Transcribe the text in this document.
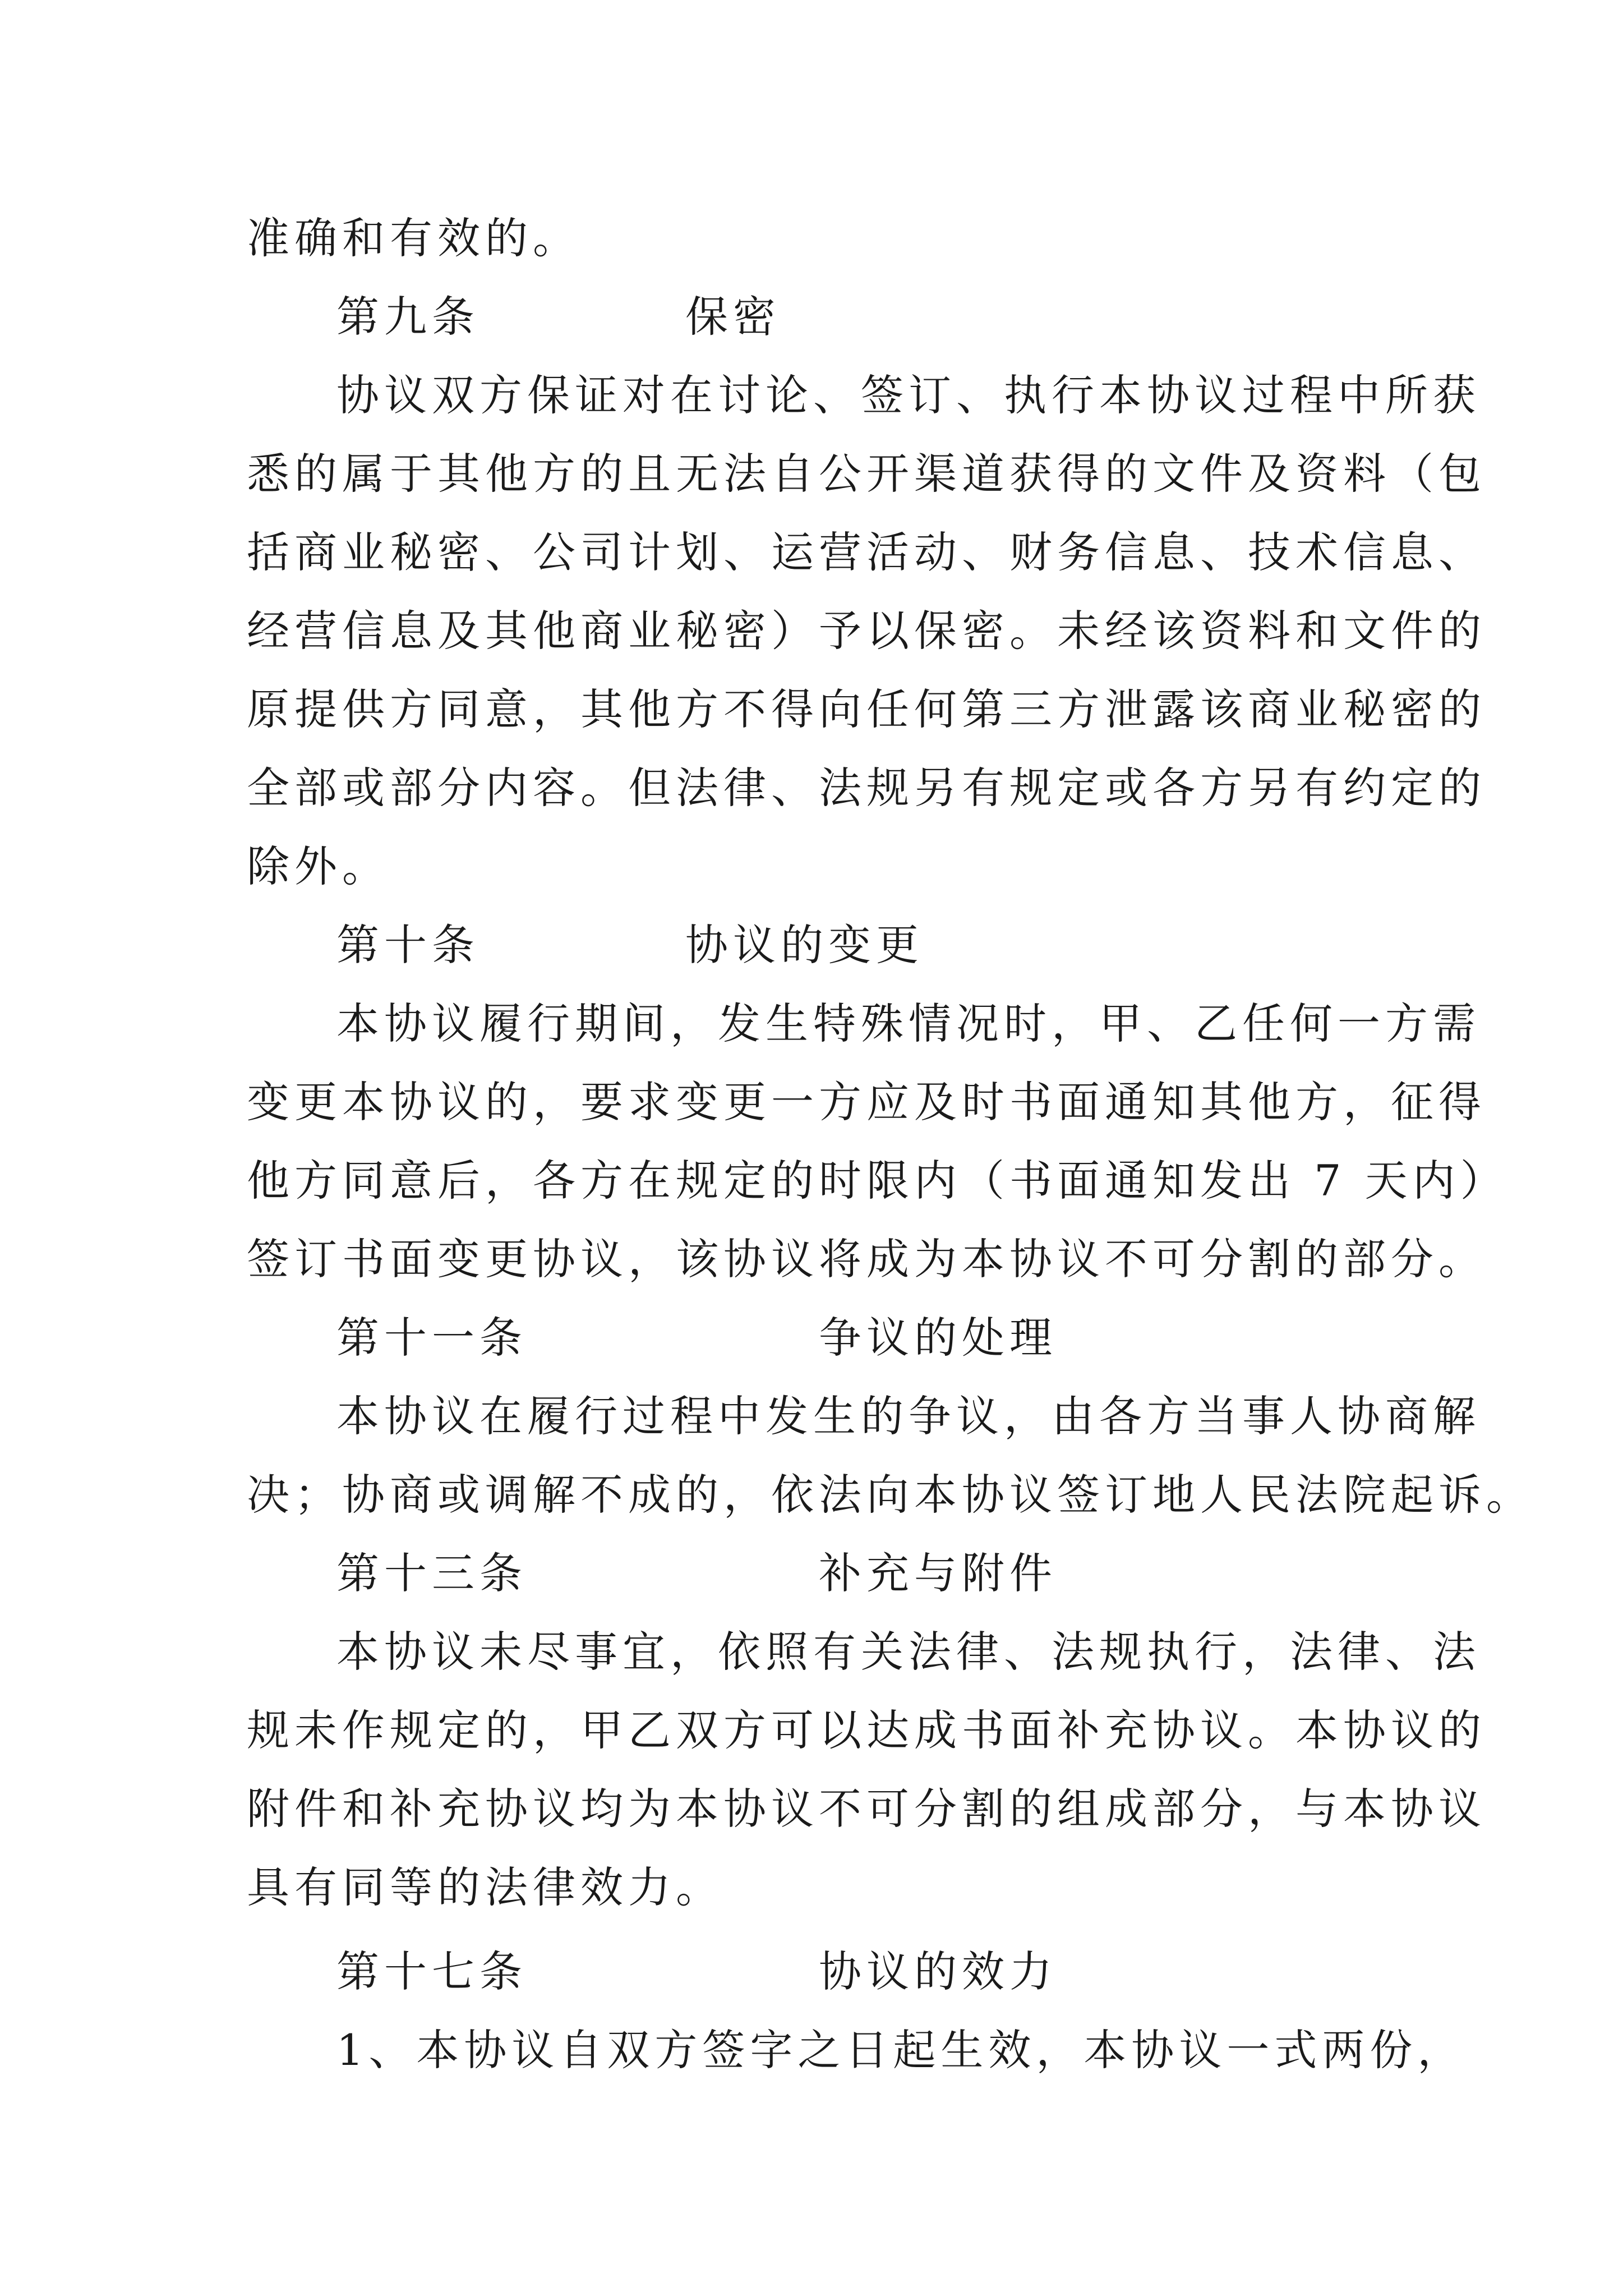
准确和有效的。
第九条	保密
协议双方保证对在讨论、签订、执行本协议过程中所获
悉的属于其他方的且无法自公开渠道获得的文件及资料（包
括商业秘密、公司计划、运营活动、财务信息、技术信息、
经营信息及其他商业秘密）予以保密。未经该资料和文件的
原提供方同意，其他方不得向任何第三方泄露该商业秘密的
全部或部分内容。但法律、法规另有规定或各方另有约定的
除外。
第十条	协议的变更
本协议履行期间，发生特殊情况时，甲、乙任何一方需
变更本协议的，要求变更一方应及时书面通知其他方，征得
他方同意后，各方在规定的时限内（书面通知发出 7 天内）
签订书面变更协议，该协议将成为本协议不可分割的部分。
第十一条	争议的处理
本协议在履行过程中发生的争议，由各方当事人协商解
决；协商或调解不成的，依法向本协议签订地人民法院起诉。
第十三条	补充与附件
本协议未尽事宜，依照有关法律、法规执行，法律、法
规未作规定的，甲乙双方可以达成书面补充协议。本协议的
附件和补充协议均为本协议不可分割的组成部分，与本协议
具有同等的法律效力。
第十七条	协议的效力
1、本协议自双方签字之日起生效，本协议一式两份，
